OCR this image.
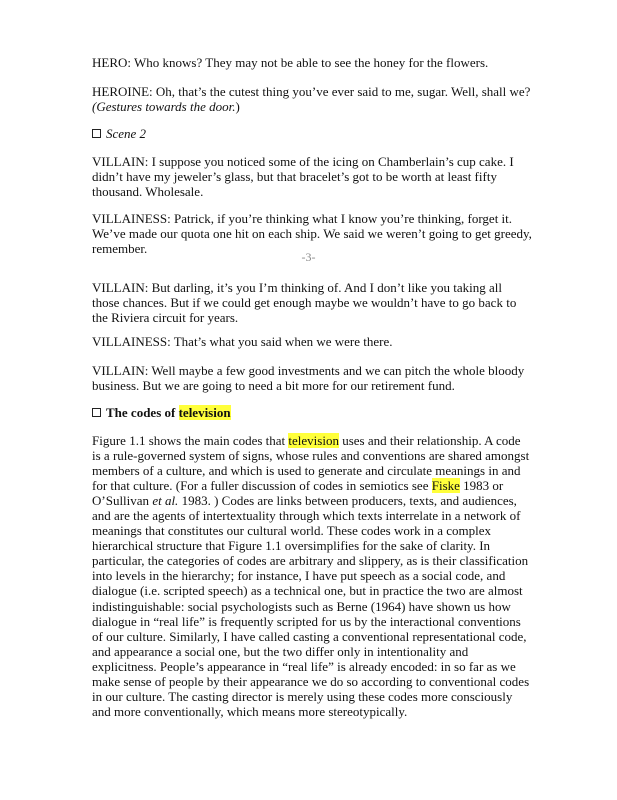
HERO: Who knows? They may not be able to see the honey for the flowers.

HEROINE: Oh, that’s the cutest thing you’ve ever said to me, sugar. Well, shall we?
(Gestures towards the door.)

Scene 2

VILLAIN: I suppose you noticed some of the icing on Chamberlain’s cup cake. I didn’t have my jeweler’s glass, but that bracelet’s got to be worth at least fifty thousand. Wholesale.

VILLAINESS: Patrick, if you’re thinking what I know you’re thinking, forget it. We’ve made our quota one hit on each ship. We said we weren’t going to get greedy, remember.

-3-

VILLAIN: But darling, it’s you I’m thinking of. And I don’t like you taking all those chances. But if we could get enough maybe we wouldn’t have to go back to the Riviera circuit for years.

VILLAINESS: That’s what you said when we were there.

VILLAIN: Well maybe a few good investments and we can pitch the whole bloody business. But we are going to need a bit more for our retirement fund.

The codes of television

Figure 1.1 shows the main codes that television uses and their relationship. A code is a rule-governed system of signs, whose rules and conventions are shared amongst members of a culture, and which is used to generate and circulate meanings in and for that culture. (For a fuller discussion of codes in semiotics see Fiske 1983 or O’Sullivan et al. 1983. ) Codes are links between producers, texts, and audiences, and are the agents of intertextuality through which texts interrelate in a network of meanings that constitutes our cultural world. These codes work in a complex hierarchical structure that Figure 1.1 oversimplifies for the sake of clarity. In particular, the categories of codes are arbitrary and slippery, as is their classification into levels in the hierarchy; for instance, I have put speech as a social code, and dialogue (i.e. scripted speech) as a technical one, but in practice the two are almost indistinguishable: social psychologists such as Berne (1964) have shown us how dialogue in “real life” is frequently scripted for us by the interactional conventions of our culture. Similarly, I have called casting a conventional representational code, and appearance a social one, but the two differ only in intentionality and explicitness. People’s appearance in “real life” is already encoded: in so far as we make sense of people by their appearance we do so according to conventional codes in our culture. The casting director is merely using these codes more consciously and more conventionally, which means more stereotypically.
